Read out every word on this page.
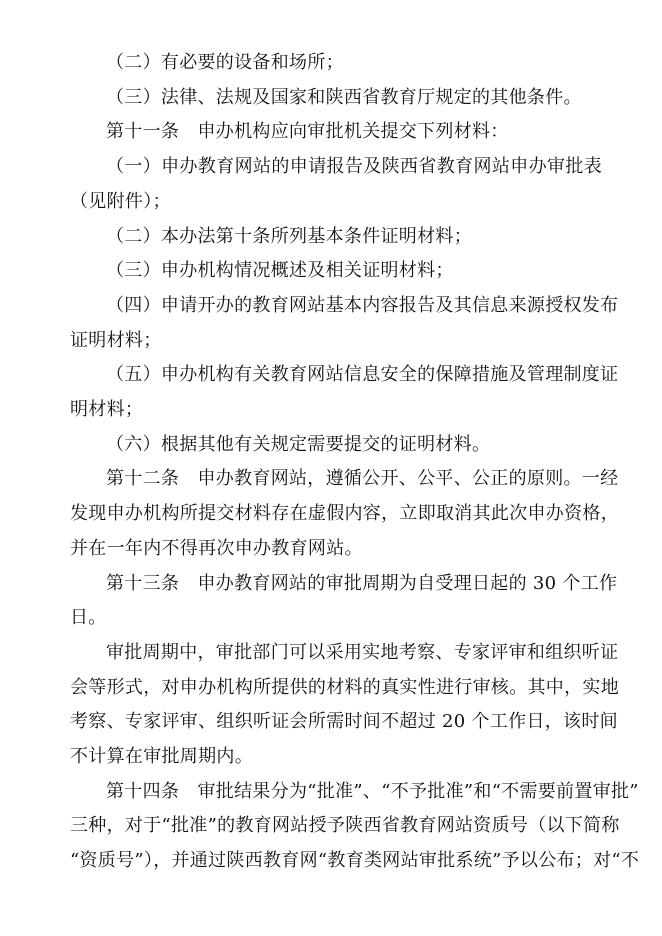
（二）有必要的设备和场所；
（三）法律、法规及国家和陕西省教育厅规定的其他条件。
第十一条　申办机构应向审批机关提交下列材料：
（一）申办教育网站的申请报告及陕西省教育网站申办审批表
（见附件）；
（二）本办法第十条所列基本条件证明材料；
（三）申办机构情况概述及相关证明材料；
（四）申请开办的教育网站基本内容报告及其信息来源授权发布
证明材料；
（五）申办机构有关教育网站信息安全的保障措施及管理制度证
明材料；
（六）根据其他有关规定需要提交的证明材料。
第十二条　申办教育网站，遵循公开、公平、公正的原则。一经
发现申办机构所提交材料存在虚假内容，立即取消其此次申办资格，
并在一年内不得再次申办教育网站。
第十三条　申办教育网站的审批周期为自受理日起的 30 个工作
日。
审批周期中，审批部门可以采用实地考察、专家评审和组织听证
会等形式，对申办机构所提供的材料的真实性进行审核。其中，实地
考察、专家评审、组织听证会所需时间不超过 20 个工作日，该时间
不计算在审批周期内。
第十四条　审批结果分为“批准”、“不予批准”和“不需要前置审批”
三种，对于“批准”的教育网站授予陕西省教育网站资质号（以下简称
“资质号”），并通过陕西教育网“教育类网站审批系统”予以公布；对“不
